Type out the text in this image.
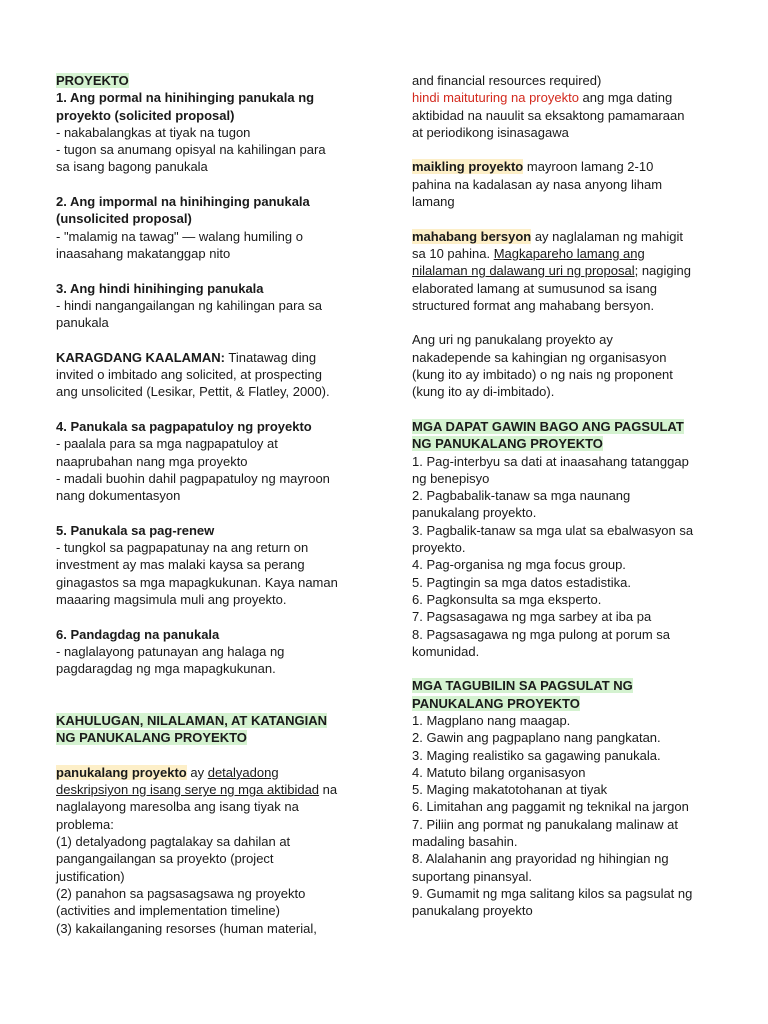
PROYEKTO

1. Ang pormal na hinihinging panukala ng

proyekto (solicited proposal)

- nakabalangkas at tiyak na tugon

- tugon sa anumang opisyal na kahilingan para

sa isang bagong panukala

2. Ang impormal na hinihinging panukala

(unsolicited proposal)

- "malamig na tawag" — walang humiling o

inaasahang makatanggap nito

3. Ang hindi hinihinging panukala

- hindi nangangailangan ng kahilingan para sa

panukala

KARAGDANG KAALAMAN: Tinatawag ding

invited o imbitado ang solicited, at prospecting

ang unsolicited (Lesikar, Pettit, & Flatley, 2000).

4. Panukala sa pagpapatuloy ng proyekto

- paalala para sa mga nagpapatuloy at

naaprubahan nang mga proyekto

- madali buohin dahil pagpapatuloy ng mayroon

nang dokumentasyon

5. Panukala sa pag-renew

- tungkol sa pagpapatunay na ang return on

investment ay mas malaki kaysa sa perang

ginagastos sa mga mapagkukunan. Kaya naman

maaaring magsimula muli ang proyekto.

6. Pandagdag na panukala

- naglalayong patunayan ang halaga ng

pagdaragdag ng mga mapagkukunan.

KAHULUGAN, NILALAMAN, AT KATANGIAN

NG PANUKALANG PROYEKTO

panukalang proyekto ay detalyadong

deskripsiyon ng isang serye ng mga aktibidad na

naglalayong maresolba ang isang tiyak na

problema:

(1) detalyadong pagtalakay sa dahilan at

pangangailangan sa proyekto (project

justification)

(2) panahon sa pagsasagsawa ng proyekto

(activities and implementation timeline)

(3) kakailanganing resorses (human material,

and financial resources required)

hindi maituturing na proyekto ang mga dating

aktibidad na nauulit sa eksaktong pamamaraan

at periodikong isinasagawa

maikling proyekto mayroon lamang 2-10

pahina na kadalasan ay nasa anyong liham

lamang

mahabang bersyon ay naglalaman ng mahigit

sa 10 pahina. Magkapareho lamang ang

nilalaman ng dalawang uri ng proposal; nagiging

elaborated lamang at sumusunod sa isang

structured format ang mahabang bersyon.

Ang uri ng panukalang proyekto ay

nakadepende sa kahingian ng organisasyon

(kung ito ay imbitado) o ng nais ng proponent

(kung ito ay di-imbitado).

MGA DAPAT GAWIN BAGO ANG PAGSULAT

NG PANUKALANG PROYEKTO

1. Pag-interbyu sa dati at inaasahang tatanggap

ng benepisyo

2. Pagbabalik-tanaw sa mga naunang

panukalang proyekto.

3. Pagbalik-tanaw sa mga ulat sa ebalwasyon sa

proyekto.

4. Pag-organisa ng mga focus group.

5. Pagtingin sa mga datos estadistika.

6. Pagkonsulta sa mga eksperto.

7. Pagsasagawa ng mga sarbey at iba pa

8. Pagsasagawa ng mga pulong at porum sa

komunidad.

MGA TAGUBILIN SA PAGSULAT NG

PANUKALANG PROYEKTO

1. Magplano nang maagap.

2. Gawin ang pagpaplano nang pangkatan.

3. Maging realistiko sa gagawing panukala.

4. Matuto bilang organisasyon

5. Maging makatotohanan at tiyak

6. Limitahan ang paggamit ng teknikal na jargon

7. Piliin ang pormat ng panukalang malinaw at

madaling basahin.

8. Alalahanin ang prayoridad ng hihingian ng

suportang pinansyal.

9. Gumamit ng mga salitang kilos sa pagsulat ng

panukalang proyekto
